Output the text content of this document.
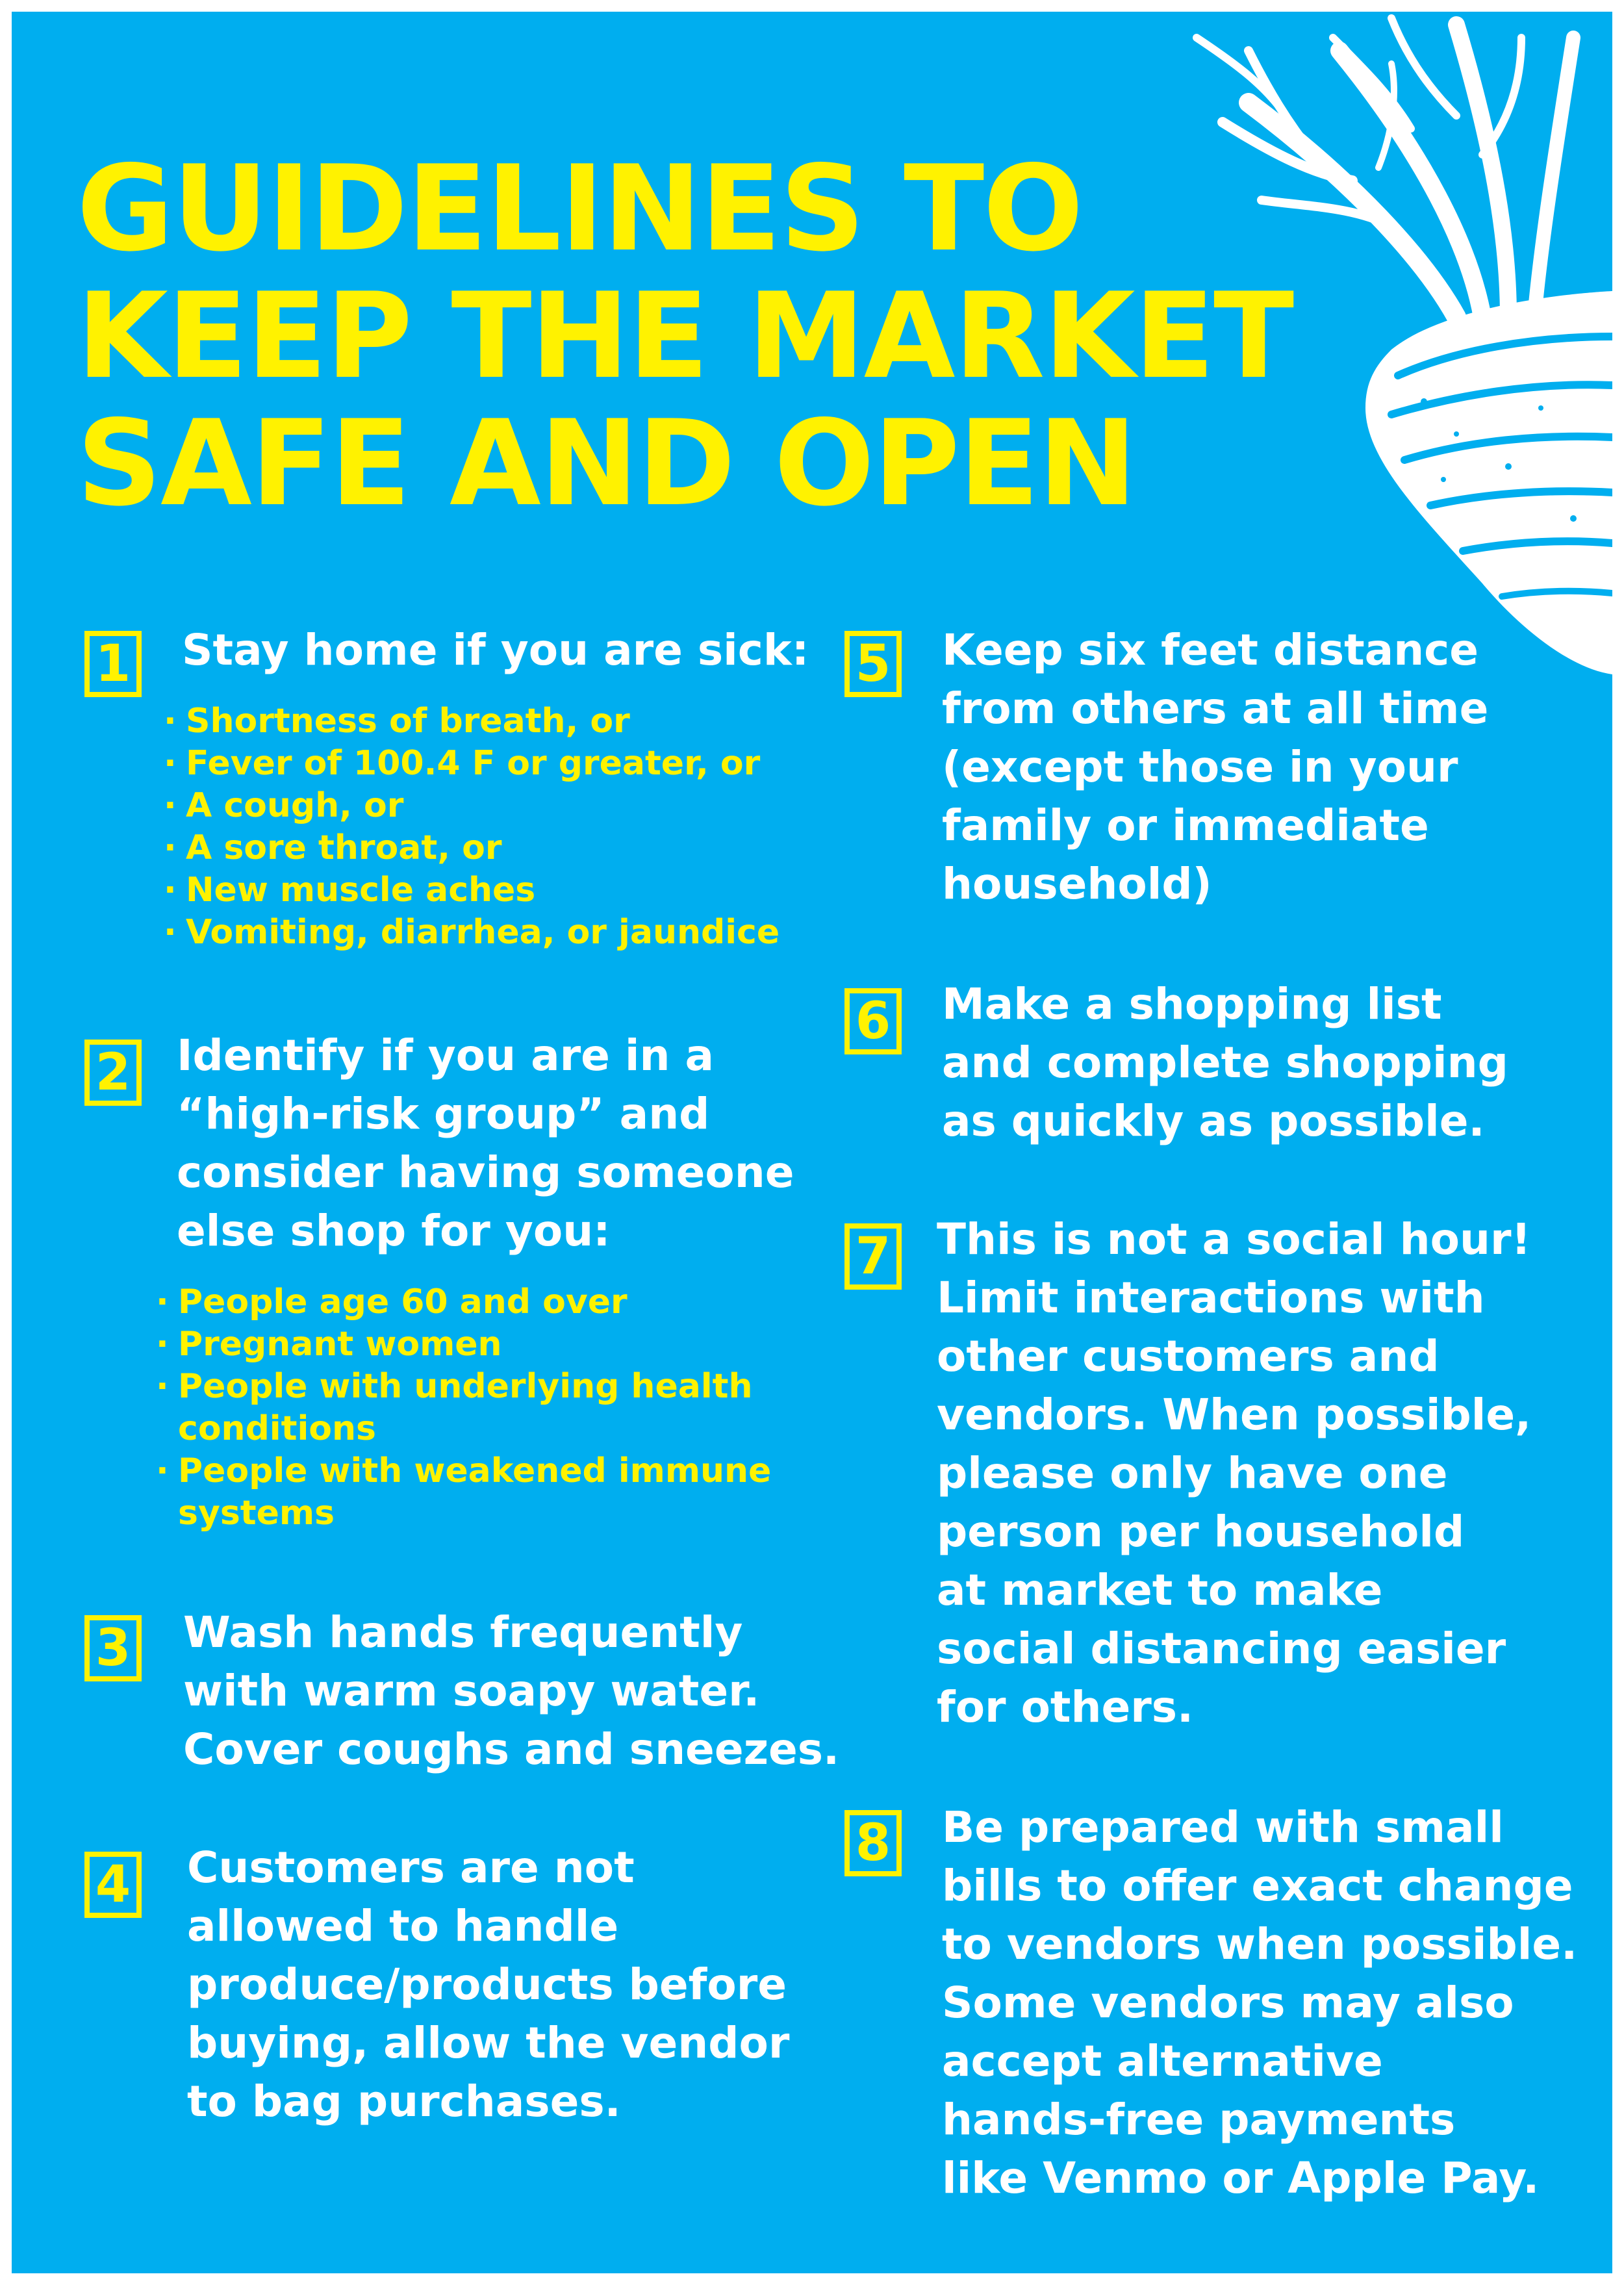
GUIDELINES TO
KEEP THE MARKET
SAFE AND OPEN
1 Stay home if you are sick:

· Shortness of breath, or
· Fever of 100.4 F or greater, or
· A cough, or
· A sore throat, or
· New muscle aches
· Vomiting, diarrhea, or jaundice
2 Identify if you are in a
“high-risk group” and
consider having someone
else shop for you:

· People age 60 and over
· Pregnant women
· People with underlying health
conditions
· People with weakened immune
systems
3 Wash hands frequently
with warm soapy water.
Cover coughs and sneezes.

4 Customers are not
allowed to handle
produce/products before
buying, allow the vendor
to bag purchases.

5 Keep six feet distance
from others at all time
(except those in your
family or immediate
household)

6 Make a shopping list
and complete shopping
as quickly as possible.

7 This is not a social hour!
Limit interactions with
other customers and
vendors. When possible,
please only have one
person per household
at market to make
social distancing easier
for others.

8 Be prepared with small
bills to offer exact change
to vendors when possible.
Some vendors may also
accept alternative
hands-free payments
like Venmo or Apple Pay.
